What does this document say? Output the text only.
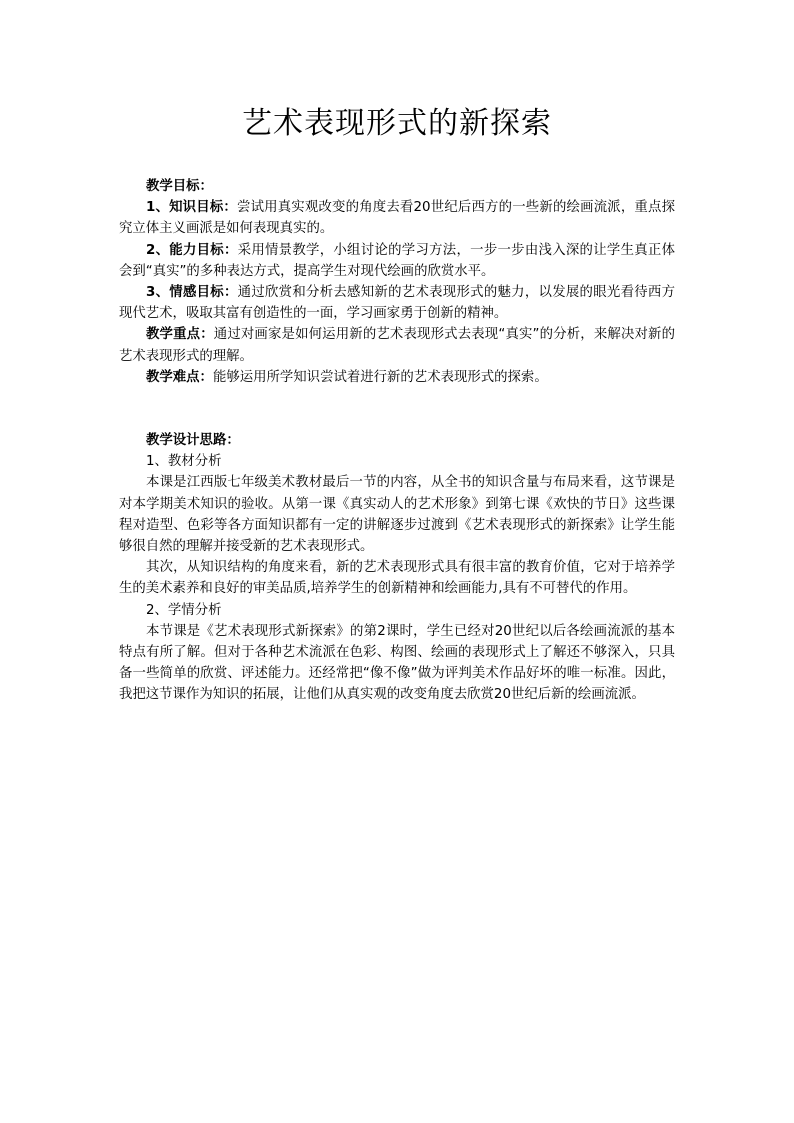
艺术表现形式的新探索

教学目标：

1、知识目标：尝试用真实观改变的角度去看20世纪后西方的一些新的绘画流派，重点探究立体主义画派是如何表现真实的。

2、能力目标：采用情景教学，小组讨论的学习方法，一步一步由浅入深的让学生真正体会到“真实”的多种表达方式，提高学生对现代绘画的欣赏水平。

3、情感目标：通过欣赏和分析去感知新的艺术表现形式的魅力，以发展的眼光看待西方现代艺术，吸取其富有创造性的一面，学习画家勇于创新的精神。

教学重点：通过对画家是如何运用新的艺术表现形式去表现“真实”的分析，来解决对新的艺术表现形式的理解。

教学难点：能够运用所学知识尝试着进行新的艺术表现形式的探索。

教学设计思路：

1、教材分析

本课是江西版七年级美术教材最后一节的内容，从全书的知识含量与布局来看，这节课是对本学期美术知识的验收。从第一课《真实动人的艺术形象》到第七课《欢快的节日》这些课程对造型、色彩等各方面知识都有一定的讲解逐步过渡到《艺术表现形式的新探索》让学生能够很自然的理解并接受新的艺术表现形式。

其次，从知识结构的角度来看，新的艺术表现形式具有很丰富的教育价值，它对于培养学生的美术素养和良好的审美品质,培养学生的创新精神和绘画能力,具有不可替代的作用。

2、学情分析

本节课是《艺术表现形式新探索》的第2课时，学生已经对20世纪以后各绘画流派的基本特点有所了解。但对于各种艺术流派在色彩、构图、绘画的表现形式上了解还不够深入，只具备一些简单的欣赏、评述能力。还经常把“像不像”做为评判美术作品好坏的唯一标准。因此，我把这节课作为知识的拓展，让他们从真实观的改变角度去欣赏20世纪后新的绘画流派。
